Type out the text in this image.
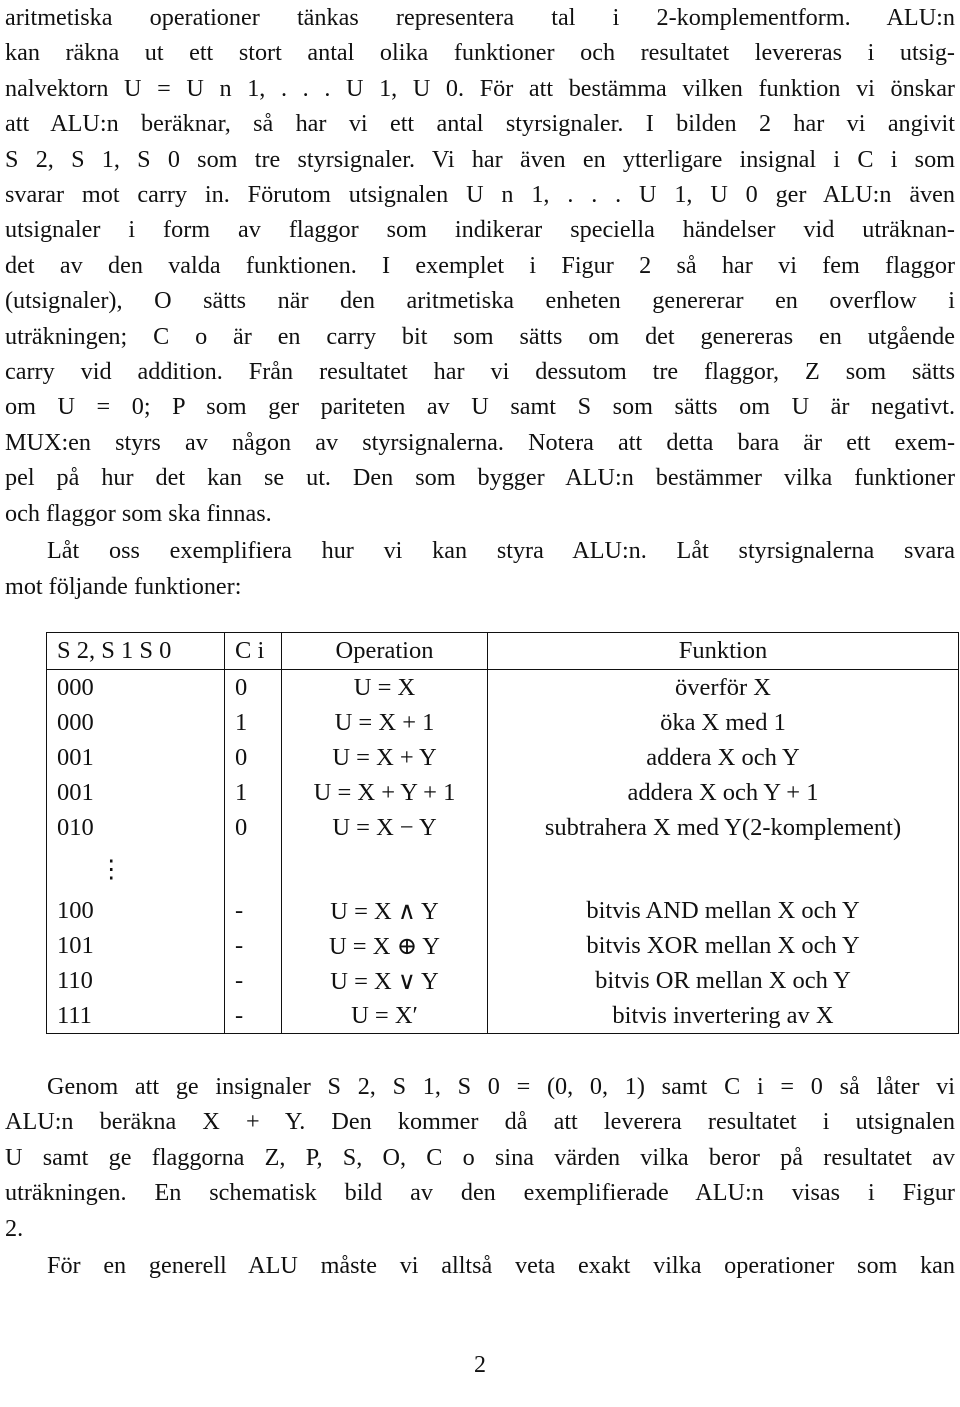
aritmetiska operationer tänkas representera tal i 2-komplementform. ALU:n
kan räkna ut ett stort antal olika funktioner och resultatet levereras i utsig-
nalvektorn U = U n 1, . . . U 1, U 0. För att bestämma vilken funktion vi önskar
att ALU:n beräknar, så har vi ett antal styrsignaler. I bilden 2 har vi angivit
S 2, S 1, S 0 som tre styrsignaler. Vi har även en ytterligare insignal i C i som
svarar mot carry in. Förutom utsignalen U n 1, . . . U 1, U 0 ger ALU:n även
utsignaler i form av flaggor som indikerar speciella händelser vid uträknan-
det av den valda funktionen. I exemplet i Figur 2 så har vi fem flaggor
(utsignaler), O sätts när den aritmetiska enheten genererar en overflow i
uträkningen; C o är en carry bit som sätts om det genereras en utgående
carry vid addition. Från resultatet har vi dessutom tre flaggor, Z som sätts
om U = 0; P som ger pariteten av U samt S som sätts om U är negativt.
MUX:en styrs av någon av styrsignalerna. Notera att detta bara är ett exem-
pel på hur det kan se ut. Den som bygger ALU:n bestämmer vilka funktioner
och flaggor som ska finnas.

Låt oss exemplifiera hur vi kan styra ALU:n. Låt styrsignalerna svara
mot följande funktioner:

S 2, S 1 S 0	C i	Operation	Funktion
000	0	U = X	överför X
000	1	U = X + 1	öka X med 1
001	0	U = X + Y	addera X och Y
001	1	U = X + Y + 1	addera X och Y + 1
010	0	U = X − Y	subtrahera X med Y(2-komplement)
⋮			
100	-	U = X ∧ Y	bitvis AND mellan X och Y
101	-	U = X ⊕ Y	bitvis XOR mellan X och Y
110	-	U = X ∨ Y	bitvis OR mellan X och Y
111	-	U = X′	bitvis invertering av X

Genom att ge insignaler S 2, S 1, S 0 = (0, 0, 1) samt C i = 0 så låter vi
ALU:n beräkna X + Y. Den kommer då att leverera resultatet i utsignalen
U samt ge flaggorna Z, P, S, O, C o sina värden vilka beror på resultatet av
uträkningen. En schematisk bild av den exemplifierade ALU:n visas i Figur
2.

För en generell ALU måste vi alltså veta exakt vilka operationer som kan

2
